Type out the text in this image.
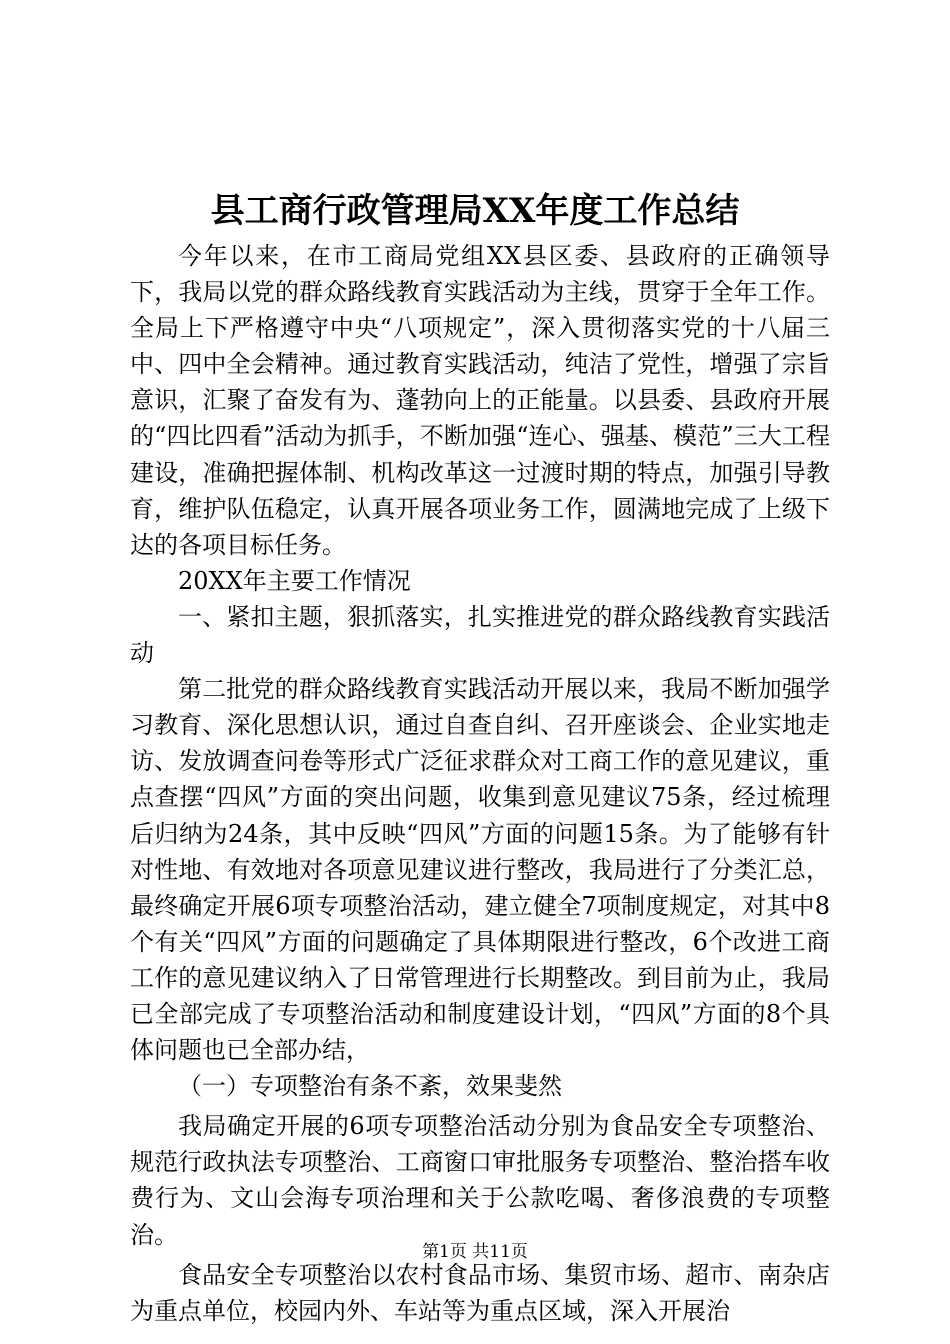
县工商行政管理局XX年度工作总结

今年以来，在市工商局党组XX县区委、县政府的正确领导下，我局以党的群众路线教育实践活动为主线，贯穿于全年工作。全局上下严格遵守中央“八项规定”，深入贯彻落实党的十八届三中、四中全会精神。通过教育实践活动，纯洁了党性，增强了宗旨意识，汇聚了奋发有为、蓬勃向上的正能量。以县委、县政府开展的“四比四看”活动为抓手，不断加强“连心、强基、模范”三大工程建设，准确把握体制、机构改革这一过渡时期的特点，加强引导教育，维护队伍稳定，认真开展各项业务工作，圆满地完成了上级下达的各项目标任务。

20XX年主要工作情况

一、紧扣主题，狠抓落实，扎实推进党的群众路线教育实践活动

第二批党的群众路线教育实践活动开展以来，我局不断加强学习教育、深化思想认识，通过自查自纠、召开座谈会、企业实地走访、发放调查问卷等形式广泛征求群众对工商工作的意见建议，重点查摆“四风”方面的突出问题，收集到意见建议75条，经过梳理后归纳为24条，其中反映“四风”方面的问题15条。为了能够有针对性地、有效地对各项意见建议进行整改，我局进行了分类汇总，最终确定开展6项专项整治活动，建立健全7项制度规定，对其中8个有关“四风”方面的问题确定了具体期限进行整改，6个改进工商工作的意见建议纳入了日常管理进行长期整改。到目前为止，我局已全部完成了专项整治活动和制度建设计划，“四风”方面的8个具体问题也已全部办结，

（一）专项整治有条不紊，效果斐然

我局确定开展的6项专项整治活动分别为食品安全专项整治、规范行政执法专项整治、工商窗口审批服务专项整治、整治搭车收费行为、文山会海专项治理和关于公款吃喝、奢侈浪费的专项整治。

食品安全专项整治以农村食品市场、集贸市场、超市、南杂店为重点单位，校园内外、车站等为重点区域，深入开展治

第1页 共11页
